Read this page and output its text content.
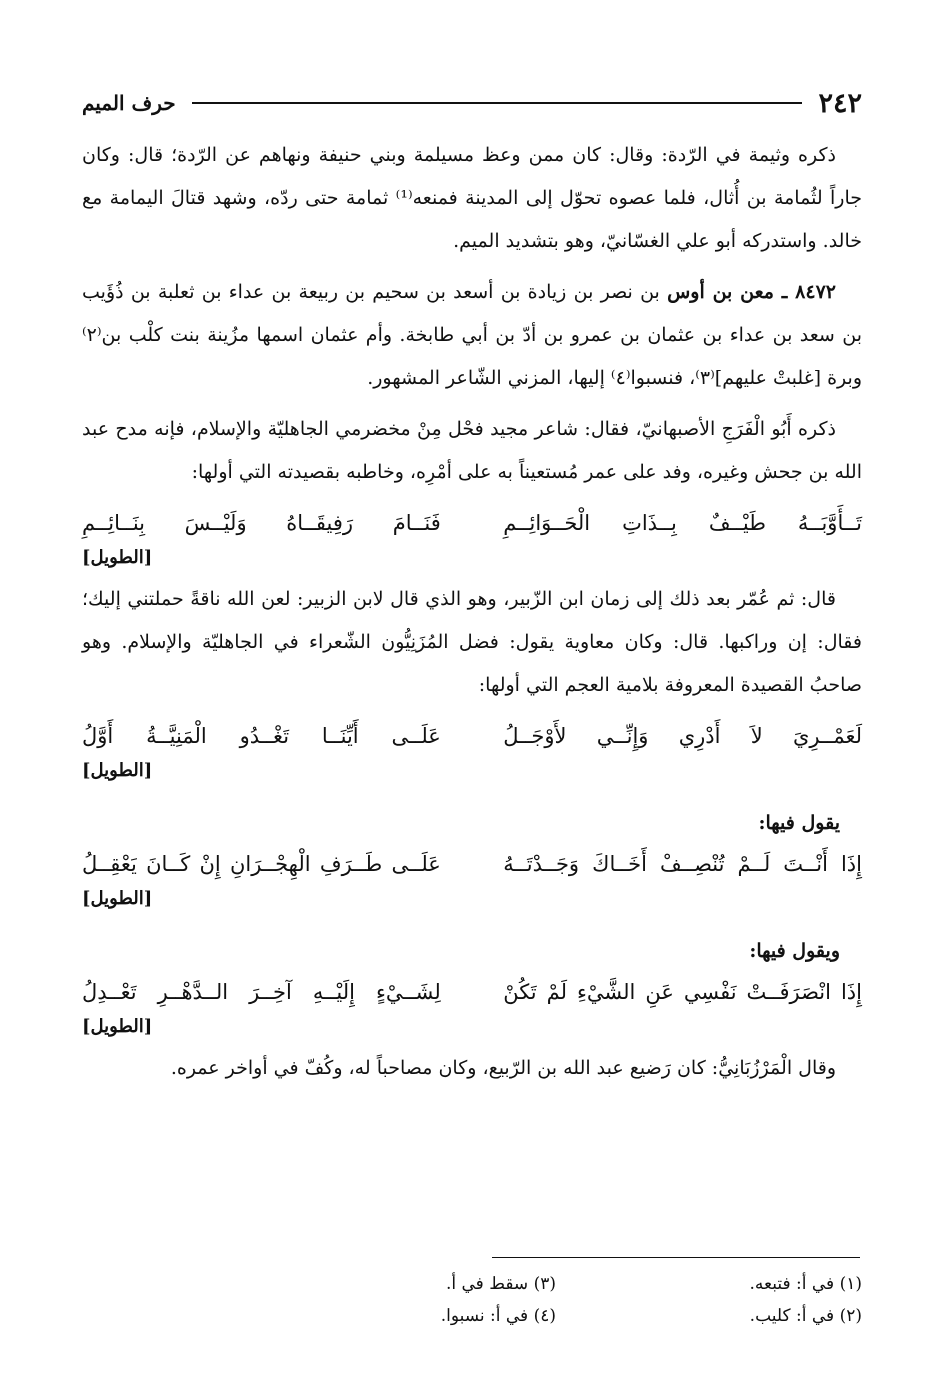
٢٤٢
حرف الميم

ذكره وثيمة في الرّدة: وقال: كان ممن وعظ مسيلمة وبني حنيفة ونهاهم عن الرّدة؛ قال: وكان جاراً لثُمامة بن أُثال، فلما عصوه تحوّل إلى المدينة فمنعه⁽¹⁾ ثمامة حتى ردّه، وشهد قتالَ اليمامة مع خالد. واستدركه أبو علي الغسّانيّ، وهو بتشديد الميم.

٨٤٧٢ ـ معن بن أوس بن نصر بن زيادة بن أسعد بن سحيم بن ربيعة بن عداء بن ثعلبة بن ذُؤَيب بن سعد بن عداء بن عثمان بن عمرو بن أدّ بن أبي طابخة. وأم عثمان اسمها مزُينة بنت كلْب بن⁽٢⁾ وبرة [غلبتْ عليهم]⁽٣⁾، فنسبوا⁽٤⁾ إليها، المزني الشّاعر المشهور.

ذكره أَبُو الْفَرَجِ الأصبهانيّ، فقال: شاعر مجيد فحْل مِنْ مخضرمي الجاهليّة والإسلام، فإنه مدح عبد الله بن جحش وغيره، وفد على عمر مُستعيناً به على أمْرِه، وخاطبه بقصيدته التي أولها:

تَــأَوَّبَــهُ طَيْــفٌ بِــذَاتِ الْحَــوَائِــمِ
فَنَــامَ رَفِيقَــاهُ وَلَيْــسَ بِنَــائِــمِ
[الطويل]

قال: ثم عُمّر بعد ذلك إلى زمان ابن الزّبير، وهو الذي قال لابن الزبير: لعن الله ناقةً حملتني إليك؛ فقال: إن وراكبها. قال: وكان معاوية يقول: فضل المُزَنِيُّون الشّعراء في الجاهليّة والإسلام. وهو صاحبُ القصيدة المعروفة بلامية العجم التي أولها:

لَعَمْــرِيَ لاَ أَدْرِي وَإِنِّــي لأَوْجَــلُ
عَلَــى أَيِّنَــا تَغْــدُو الْمَنِيَّــةُ أَوَّلُ
[الطويل]
يقول فيها:
إِذَا أَنْــتَ لَــمْ تُنْصِــفْ أَخَــاكَ وَجَــدْتَــهُ
عَلَــى طَــرَفِ الْهِجْــرَانِ إِنْ كَــانَ يَعْقِــلُ
[الطويل]
ويقول فيها:
إِذَا انْصَرَفَــتْ نَفْسِي عَنِ الشَّيْءِ لَمْ تَكُنْ
لِشَــيْءٍ إِلَيْــهِ آخِــرَ الــدَّهْــرِ تَعْــدِلُ
[الطويل]

وقال الْمَرْزُبَانِيُّ: كان رَضيع عبد الله بن الرّبيع، وكان مصاحباً له، وكُفّ في أواخر عمره.

(١) في أ: فتبعه.
(٣) سقط في أ.
(٢) في أ: كليب.
(٤) في أ: نسبوا.
